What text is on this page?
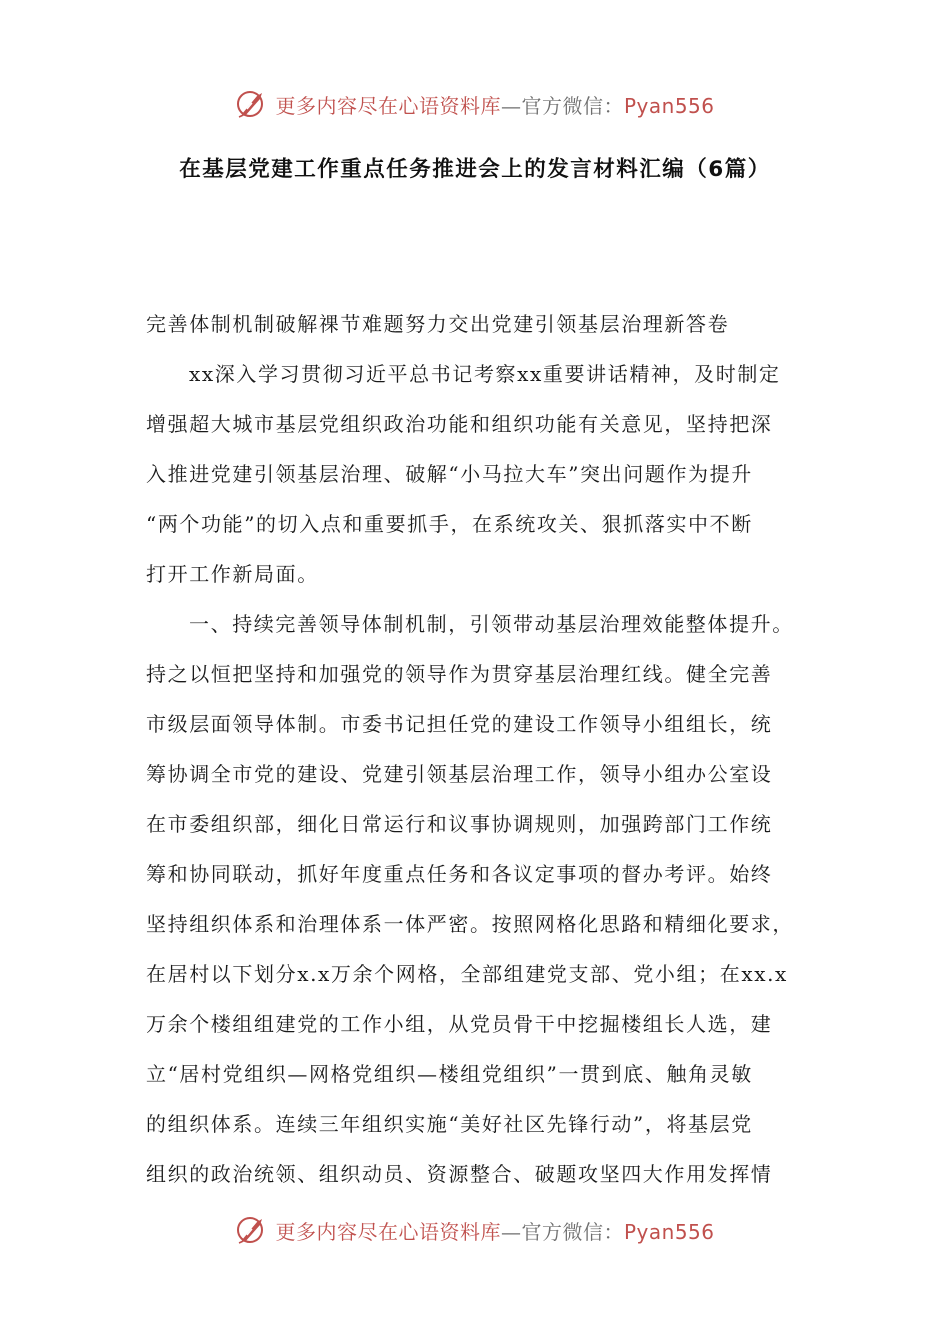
更多内容尽在心语资料库—官方微信：Pyan556
在基层党建工作重点任务推进会上的发言材料汇编（6篇）
完善体制机制破解祼节难题努力交出党建引领基层治理新答卷
xx深入学习贯彻习近平总书记考察xx重要讲话精神，及时制定
增强超大城市基层党组织政治功能和组织功能有关意见，坚持把深
入推进党建引领基层治理、破解“小马拉大车”突出问题作为提升
“两个功能”的切入点和重要抓手，在系统攻关、狠抓落实中不断
打开工作新局面。
一、持续完善领导体制机制，引领带动基层治理效能整体提升。
持之以恒把坚持和加强党的领导作为贯穿基层治理红线。健全完善
市级层面领导体制。市委书记担任党的建设工作领导小组组长，统
筹协调全市党的建设、党建引领基层治理工作，领导小组办公室设
在市委组织部，细化日常运行和议事协调规则，加强跨部门工作统
筹和协同联动，抓好年度重点任务和各议定事项的督办考评。始终
坚持组织体系和治理体系一体严密。按照网格化思路和精细化要求，
在居村以下划分x.x万余个网格，全部组建党支部、党小组；在xx.x
万余个楼组组建党的工作小组，从党员骨干中挖掘楼组长人选，建
立“居村党组织—网格党组织—楼组党组织”一贯到底、触角灵敏
的组织体系。连续三年组织实施“美好社区先锋行动”，将基层党
组织的政治统领、组织动员、资源整合、破题攻坚四大作用发挥情
更多内容尽在心语资料库—官方微信：Pyan556
